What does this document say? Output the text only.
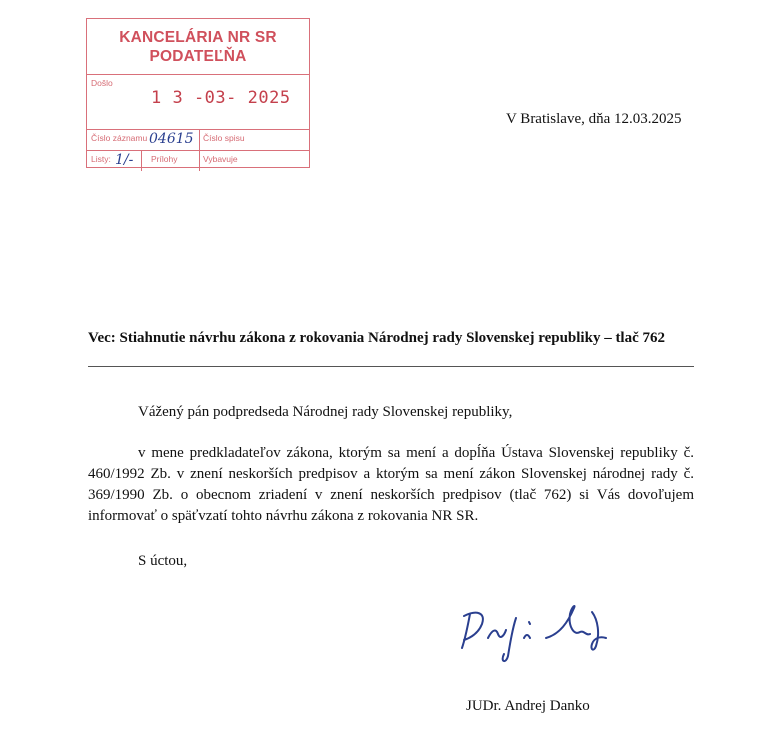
KANCELÁRIA NR SR
PODATEĽŇA
Došlo
1 3 -03- 2025
Číslo záznamu 04615 Číslo spisu
Listy: 1/- Prílohy	Vybavuje
V Bratislave, dňa 12.03.2025
Vec: Stiahnutie návrhu zákona z rokovania Národnej rady Slovenskej republiky – tlač 762
Vážený pán podpredseda Národnej rady Slovenskej republiky,
v mene predkladateľov zákona, ktorým sa mení a dopĺňa Ústava Slovenskej republiky č. 460/1992 Zb. v znení neskorších predpisov a ktorým sa mení zákon Slovenskej národnej rady č. 369/1990 Zb. o obecnom zriadení v znení neskorších predpisov (tlač 762) si Vás dovoľujem informovať o späťvzatí tohto návrhu zákona z rokovania NR SR.
S úctou,
JUDr. Andrej Danko
